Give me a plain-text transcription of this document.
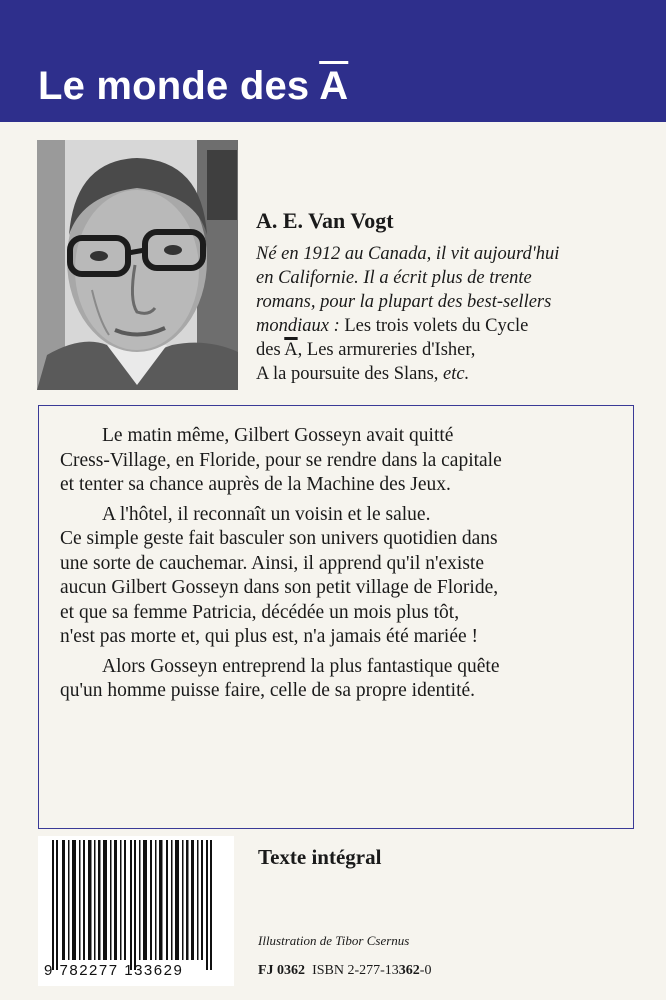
Le monde des $\overline{A}$
A. E. Van Vogt
Né en 1912 au Canada, il vit aujourd'hui
en Californie. Il a écrit plus de trente
romans, pour la plupart des best-sellers
mondiaux : Les trois volets du Cycle
des $\overline{A}$, Les armureries d'Isher,
A la poursuite des Slans, etc.
Le matin même, Gilbert Gosseyn avait quitté
Cress-Village, en Floride, pour se rendre dans la capitale
et tenter sa chance auprès de la Machine des Jeux.
A l'hôtel, il reconnaît un voisin et le salue.
Ce simple geste fait basculer son univers quotidien dans
une sorte de cauchemar. Ainsi, il apprend qu'il n'existe
aucun Gilbert Gosseyn dans son petit village de Floride,
et que sa femme Patricia, décédée un mois plus tôt,
n'est pas morte et, qui plus est, n'a jamais été mariée !
Alors Gosseyn entreprend la plus fantastique quête
qu'un homme puisse faire, celle de sa propre identité.
9 782277 133629
Texte intégral
Illustration de Tibor Csernus
FJ 0362 ISBN 2-277-13362-0
